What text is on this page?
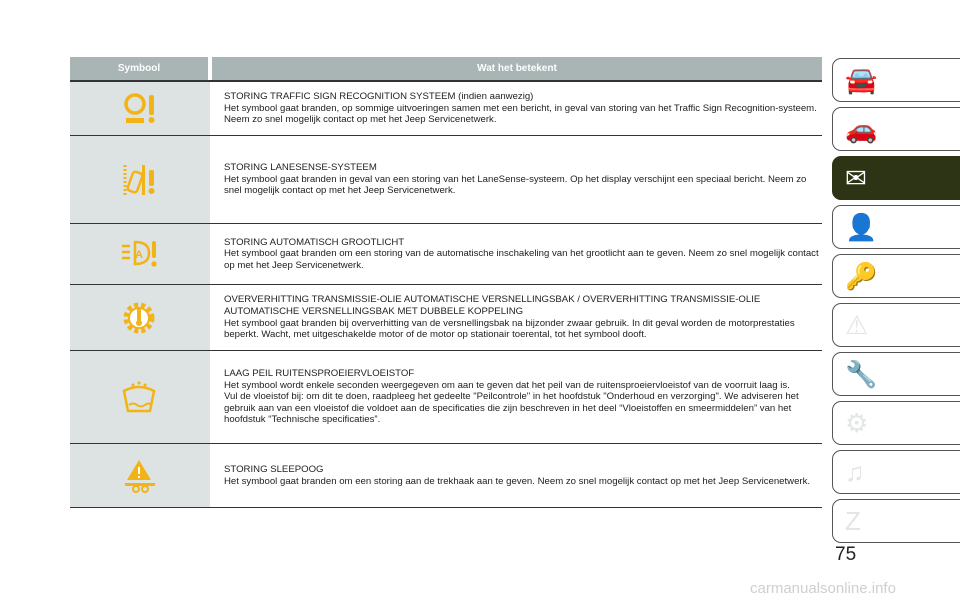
Symbool	Wat het betekent

STORING TRAFFIC SIGN RECOGNITION SYSTEEM (indien aanwezig)

Het symbool gaat branden, op sommige uitvoeringen samen met een bericht, in geval van storing van het Traffic Sign Recognition-systeem. Neem zo snel mogelijk contact op met het Jeep Servicenetwerk.

STORING LANESENSE-SYSTEEM

Het symbool gaat branden in geval van een storing van het LaneSense-systeem. Op het display verschijnt een speciaal bericht. Neem zo snel mogelijk contact op met het Jeep Servicenetwerk.

A

STORING AUTOMATISCH GROOTLICHT

Het symbool gaat branden om een storing van de automatische inschakeling van het grootlicht aan te geven. Neem zo snel mogelijk contact op met het Jeep Servicenetwerk.

OVERVERHITTING TRANSMISSIE-OLIE AUTOMATISCHE VERSNELLINGSBAK / OVERVERHITTING TRANSMISSIE-OLIE AUTOMATISCHE VERSNELLINGSBAK MET DUBBELE KOPPELING

Het symbool gaat branden bij oververhitting van de versnellingsbak na bijzonder zwaar gebruik. In dit geval worden de motorprestaties beperkt. Wacht, met uitgeschakelde motor of de motor op stationair toerental, tot het symbool dooft.

LAAG PEIL RUITENSPROEIERVLOEISTOF

Het symbool wordt enkele seconden weergegeven om aan te geven dat het peil van de ruitensproeiervloeistof van de voorruit laag is.

Vul de vloeistof bij: om dit te doen, raadpleeg het gedeelte "Peilcontrole" in het hoofdstuk "Onderhoud en verzorging". We adviseren het gebruik aan van een vloeistof die voldoet aan de specificaties die zijn beschreven in het deel “Vloeistoffen en smeermiddelen” van het hoofdstuk “Technische specificaties”.

STORING SLEEPOOG

Het symbool gaat branden om een storing aan de trekhaak aan te geven. Neem zo snel mogelijk contact op met het Jeep Servicenetwerk.

🚘
🚗
✉
👤
🔑
⚠
🔧
⚙
♫
Z
75
carmanualsonline.info
